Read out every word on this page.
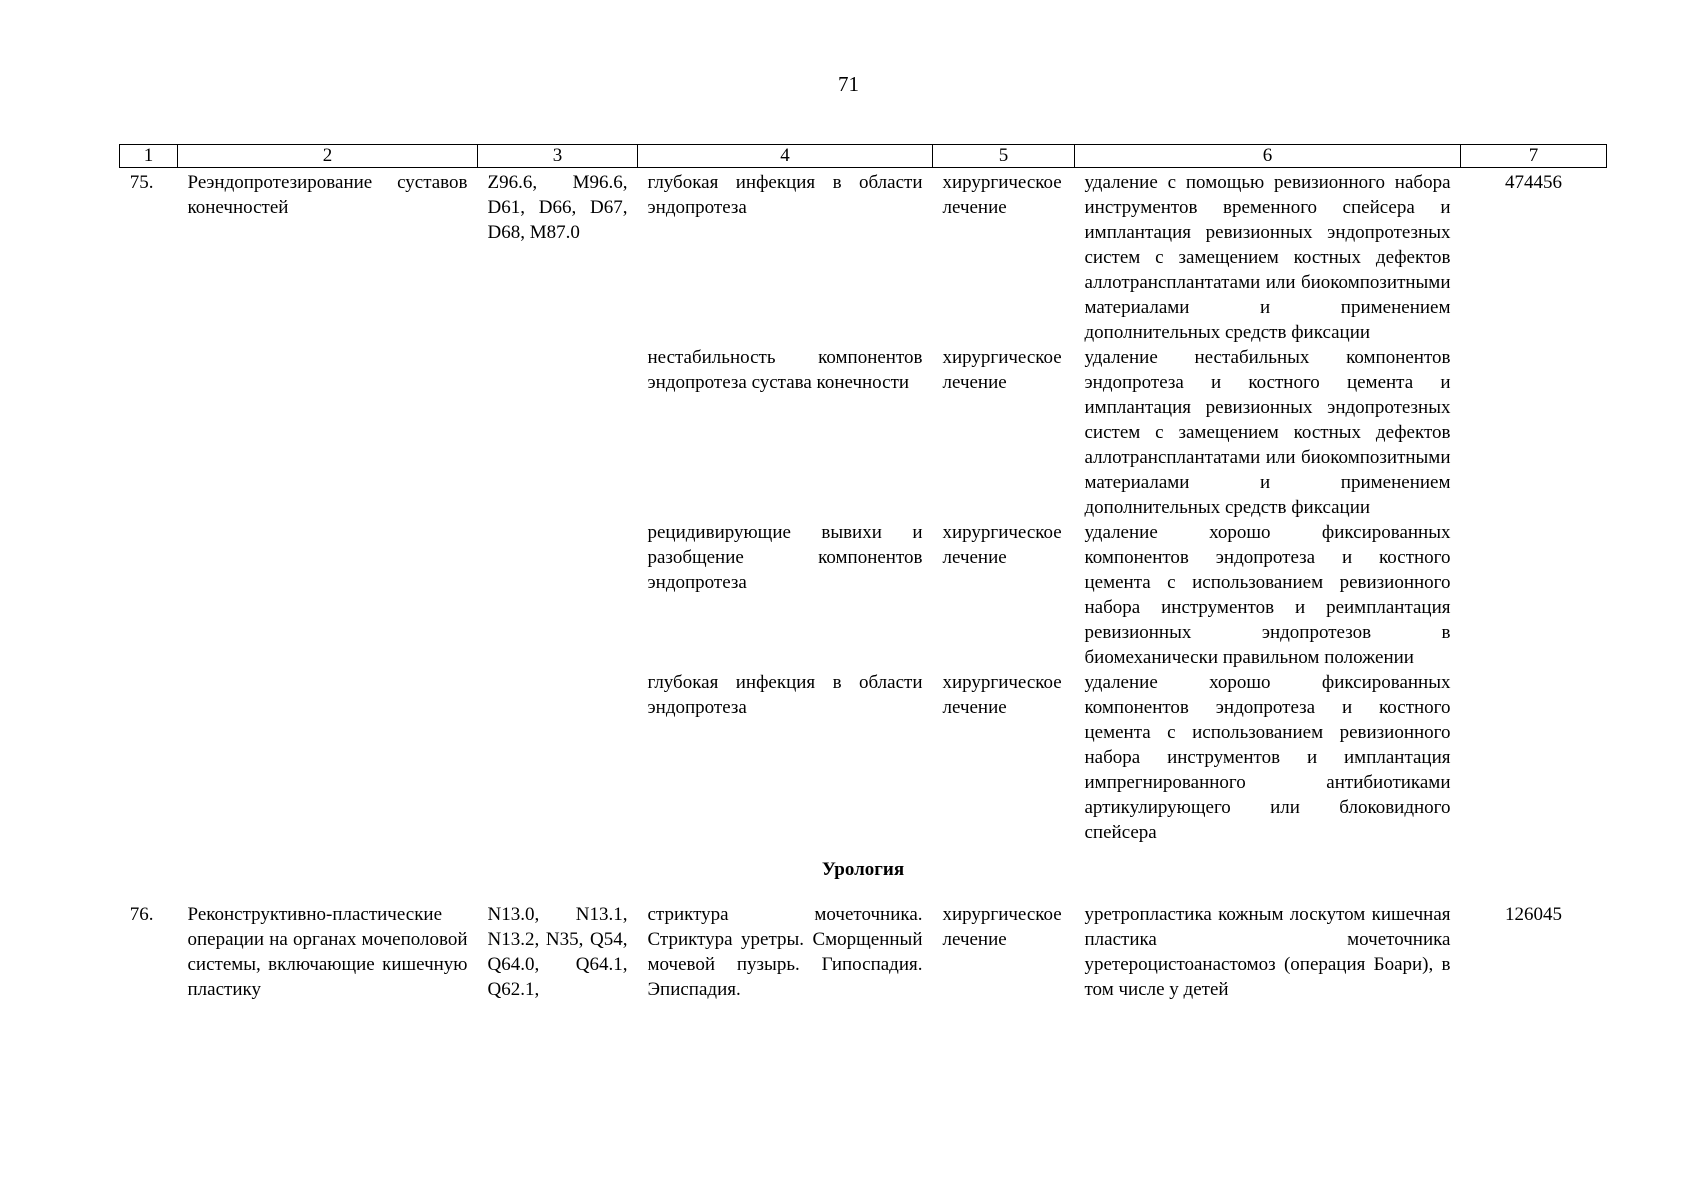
71
1	2	3	4	5	6	7
75.	Реэндопротезирование суставов конечностей	Z96.6, M96.6, D61, D66, D67, D68, M87.0	глубокая инфекция в области эндопротеза	хирургическое лечение	удаление с помощью ревизионного набора инструментов временного спейсера и имплантация ревизионных эндопротезных систем с замещением костных дефектов аллотрансплантатами или биокомпозитными материалами и применением дополнительных средств фиксации	474456
			нестабильность компонентов эндопротеза сустава конечности	хирургическое лечение	удаление нестабильных компонентов эндопротеза и костного цемента и имплантация ревизионных эндопротезных систем с замещением костных дефектов аллотрансплантатами или биокомпозитными материалами и применением дополнительных средств фиксации	
			рецидивирующие вывихи и разобщение компонентов эндопротеза	хирургическое лечение	удаление хорошо фиксированных компонентов эндопротеза и костного цемента с использованием ревизионного набора инструментов и реимплантация ревизионных эндопротезов в биомеханически правильном положении	
			глубокая инфекция в области эндопротеза	хирургическое лечение	удаление хорошо фиксированных компонентов эндопротеза и костного цемента с использованием ревизионного набора инструментов и имплантация импрегнированного антибиотиками артикулирующего или блоковидного спейсера	
Урология						
76.	Реконструктивно-пластические операции на органах мочеполовой системы, включающие кишечную пластику	N13.0, N13.1, N13.2, N35, Q54, Q64.0, Q64.1, Q62.1,	стриктура мочеточника. Стриктура уретры. Сморщенный мочевой пузырь. Гипоспадия. Эписпадия.	хирургическое лечение	уретропластика кожным лоскутом кишечная пластика мочеточника уретероцистоанастомоз (операция Боари), в том числе у детей	126045
